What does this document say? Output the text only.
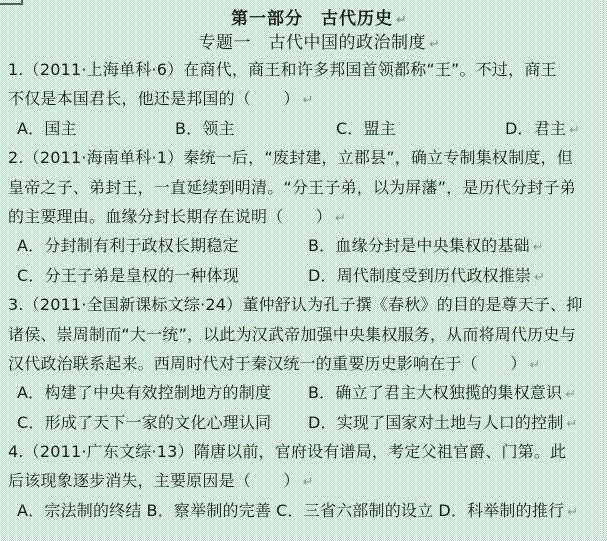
第一部分　古代历史 ↵
专题一　古代中国的政治制度 ↵
1.（2011·上海单科·6）在商代，商王和许多邦国首领都称“王”。不过，商王
不仅是本国君长，他还是邦国的（　　） ↵
A．国主	B．领主	C．盟主	D．君主 ↵
2.（2011·海南单科·1）秦统一后，“废封建，立郡县”，确立专制集权制度，但
皇帝之子、弟封王，一直延续到明清。“分王子弟，以为屏藩”，是历代分封子弟
的主要理由。血缘分封长期存在说明（　　） ↵
A．分封制有利于政权长期稳定	B．血缘分封是中央集权的基础 ↵
C．分王子弟是皇权的一种体现	D．周代制度受到历代政权推崇 ↵
3.（2011·全国新课标文综·24）董仲舒认为孔子撰《春秋》的目的是尊天子、抑
诸侯、崇周制而“大一统”，以此为汉武帝加强中央集权服务，从而将周代历史与
汉代政治联系起来。西周时代对于秦汉统一的重要历史影响在于（　　） ↵
A．构建了中央有效控制地方的制度	B．确立了君主大权独揽的集权意识 ↵
C．形成了天下一家的文化心理认同	D．实现了国家对土地与人口的控制 ↵
4.（2011·广东文综·13）隋唐以前，官府设有谱局，考定父祖官爵、门第。此
后该现象逐步消失，主要原因是（　　） ↵
A．宗法制的终结 B．察举制的完善 C．三省六部制的设立 D．科举制的推行 ↵
